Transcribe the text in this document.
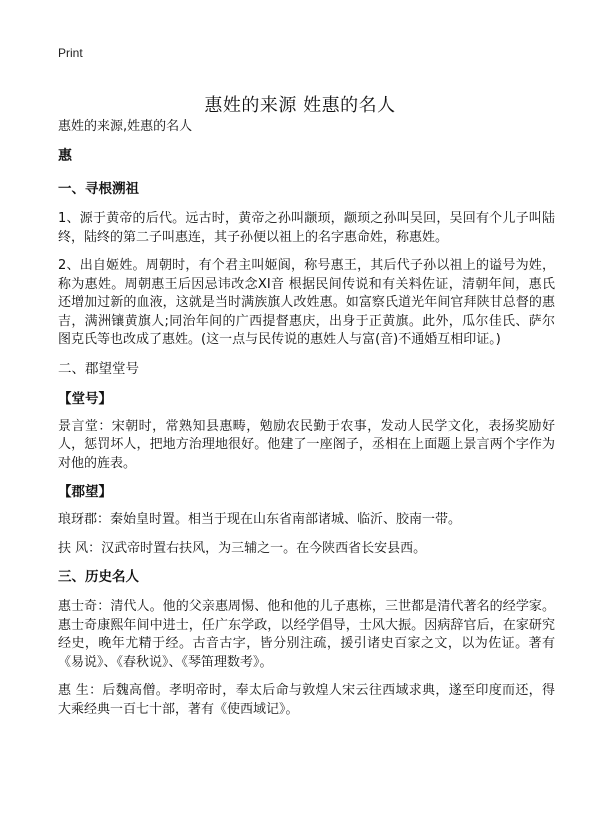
Print
惠姓的来源 姓惠的名人
惠姓的来源,姓惠的名人
惠
一、寻根溯祖

1、源于黄帝的后代。远古时，黄帝之孙叫颛顼，颛顼之孙叫吴回，吴回有个儿子叫陆终，陆终的第二子叫惠连，其子孙便以祖上的名字惠命姓，称惠姓。

2、出自姬姓。周朝时，有个君主叫姬阆，称号惠王，其后代子孙以祖上的谥号为姓，称为惠姓。周朝惠王后因忌讳改念XI音 根据民间传说和有关料佐证，清朝年间，惠氏还增加过新的血液，这就是当时满族旗人改姓惠。如富察氏道光年间官拜陕甘总督的惠吉，满洲镶黄旗人;同治年间的广西提督惠庆，出身于正黄旗。此外，瓜尔佳氏、萨尔图克氏等也改成了惠姓。(这一点与民传说的惠姓人与富(音)不通婚互相印证。)

二、郡望堂号
【堂号】

景言堂：宋朝时，常熟知县惠畴，勉励农民勤于农事，发动人民学文化，表扬奖励好人，惩罚坏人，把地方治理地很好。他建了一座阁子，丞相在上面题上景言两个字作为对他的旌表。

【郡望】

琅玡郡：秦始皇时置。相当于现在山东省南部诸城、临沂、胶南一带。

扶 风：汉武帝时置右扶风，为三辅之一。在今陕西省长安县西。

三、历史名人

惠士奇：清代人。他的父亲惠周惕、他和他的儿子惠栋，三世都是清代著名的经学家。惠士奇康熙年间中进士，任广东学政，以经学倡导，士风大振。因病辞官后，在家研究经史，晚年尤精于经。古音古字，皆分别注疏，援引诸史百家之文，以为佐证。著有《易说》、《春秋说》、《琴笛理数考》。

惠 生：后魏高僧。孝明帝时，奉太后命与敦煌人宋云往西域求典，遂至印度而还，得大乘经典一百七十部，著有《使西域记》。
